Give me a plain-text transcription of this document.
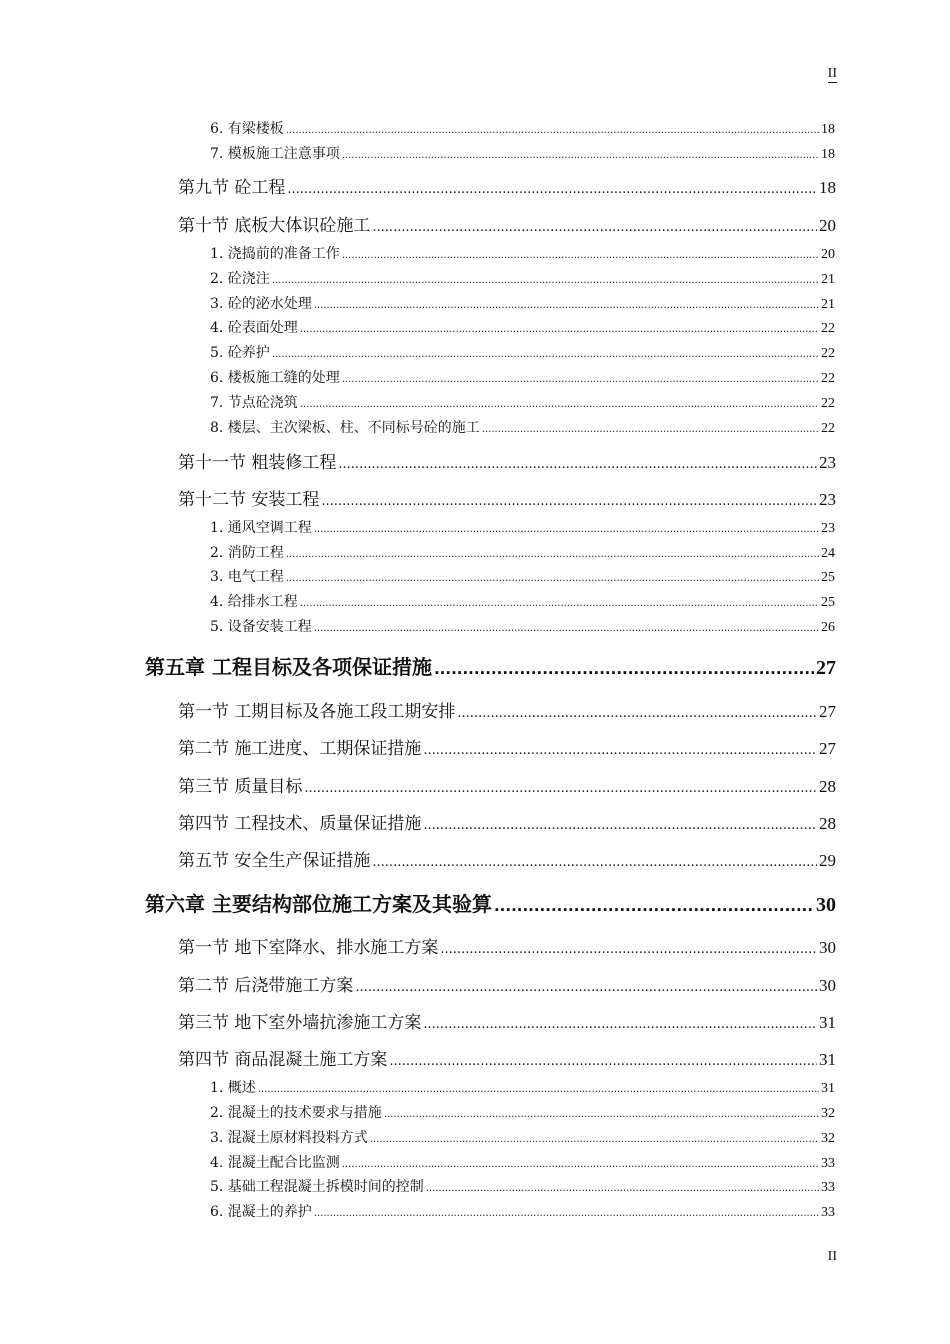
II
6. 有梁楼板 .....	18
7. 模板施工注意事项 .....	18
第九节 砼工程 .....	18
第十节 底板大体识砼施工 .....	20
1. 浇捣前的准备工作 .....	20
2. 砼浇注 .....	21
3. 砼的泌水处理 .....	21
4. 砼表面处理 .....	22
5. 砼养护 .....	22
6. 楼板施工缝的处理 .....	22
7. 节点砼浇筑 .....	22
8. 楼层、主次梁板、柱、不同标号砼的施工 .....	22
第十一节 粗装修工程 .....	23
第十二节 安装工程 .....	23
1. 通风空调工程 .....	23
2. 消防工程 .....	24
3. 电气工程 .....	25
4. 给排水工程 .....	25
5. 设备安装工程 .....	26
第五章 工程目标及各项保证措施 .....	27
第一节 工期目标及各施工段工期安排 .....	27
第二节 施工进度、工期保证措施 .....	27
第三节 质量目标 .....	28
第四节 工程技术、质量保证措施 .....	28
第五节 安全生产保证措施 .....	29
第六章 主要结构部位施工方案及其验算 .....	30
第一节 地下室降水、排水施工方案 .....	30
第二节 后浇带施工方案 .....	30
第三节 地下室外墙抗渗施工方案 .....	31
第四节 商品混凝土施工方案 .....	31
1. 概述 .....	31
2. 混凝土的技术要求与措施 .....	32
3. 混凝土原材料投料方式 .....	32
4. 混凝土配合比监测 .....	33
5. 基础工程混凝土拆模时间的控制 .....	33
6. 混凝土的养护 .....	33
II
